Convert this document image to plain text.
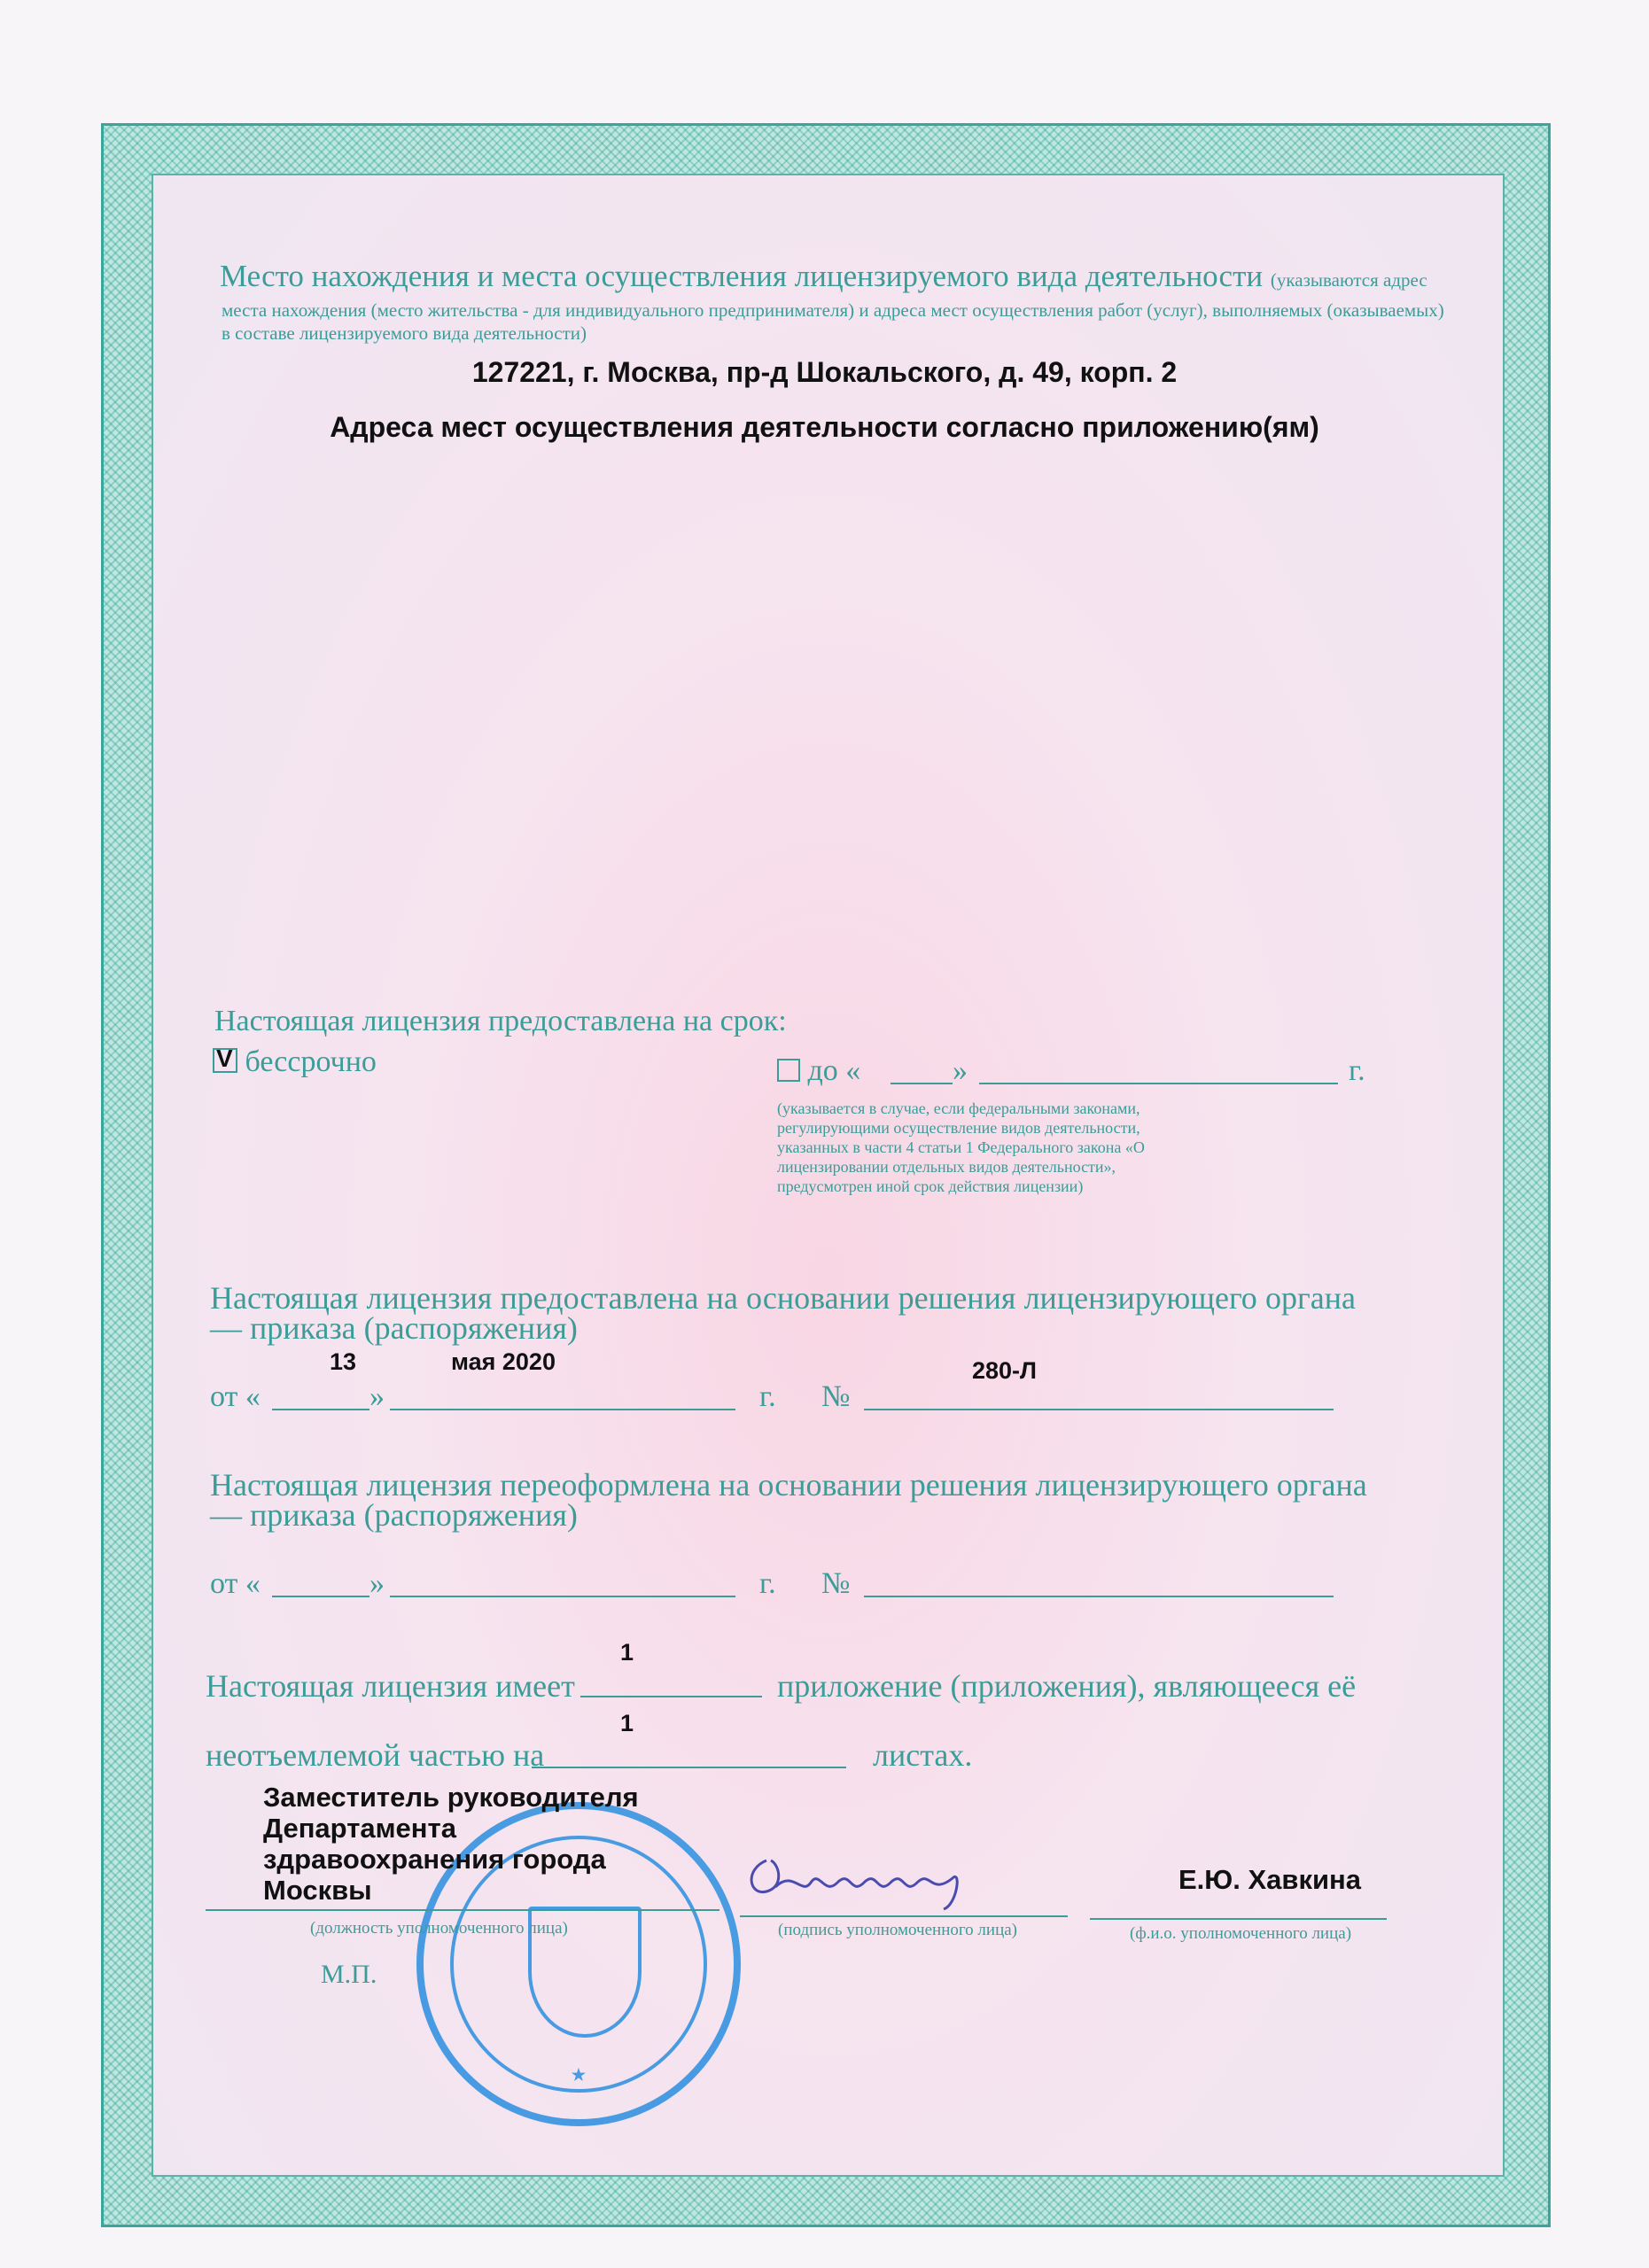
Место нахождения и места осуществления лицензируемого вида деятельности (указываются адрес
места нахождения (место жительства - для индивидуального предпринимателя) и адреса мест осуществления работ (услуг), выполняемых (оказываемых)
в составе лицензируемого вида деятельности)
127221, г. Москва, пр-д Шокальского, д. 49, корп. 2
Адреса мест осуществления деятельности согласно приложению(ям)
Настоящая лицензия предоставлена на срок:
V бессрочно	до «	»	г.
(указывается в случае, если федеральными законами, регулирующими осуществление видов деятельности, указанных в части 4 статьи 1 Федерального закона «О лицензировании отдельных видов деятельности», предусмотрен иной срок действия лицензии)
Настоящая лицензия предоставлена на основании решения лицензирующего органа
— приказа (распоряжения)
13	мая 2020	280-Л
от «	»	г. №
Настоящая лицензия переоформлена на основании решения лицензирующего органа
— приказа (распоряжения)
от «	»	г. №
1
Настоящая лицензия имеет	приложение (приложения), являющееся её
1
неотъемлемой частью на	листах.
★
Заместитель руководителя
Департамента
здравоохранения города
Москвы	Е.Ю. Хавкина
(должность уполномоченного лица)	(подпись уполномоченного лица)	(ф.и.о. уполномоченного лица)
М.П.
